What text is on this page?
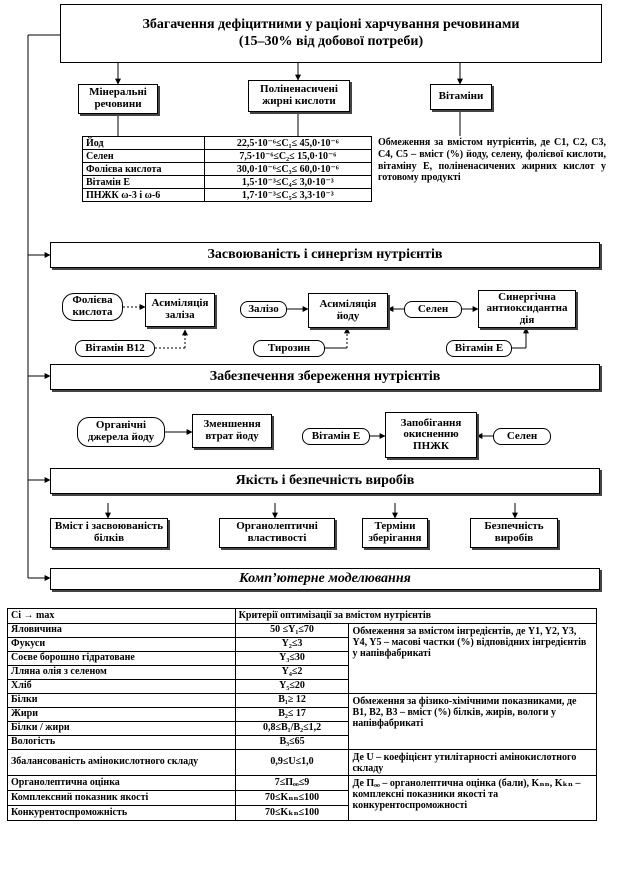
Збагачення дефіцитними у раціоні харчування речовинами
(15–30% від добової потреби)
Мінеральні речовини
Поліненасичені жирні кислоти	Вітаміни
Йод	22,5·10⁻⁶≤C₁≤ 45,0·10⁻⁶
Селен	7,5·10⁻⁶≤C₂≤ 15,0·10⁻⁶
Фолієва кислота	30,0·10⁻⁶≤C₃≤ 60,0·10⁻⁶
Вітамін Е	1,5·10⁻³≤C₄≤ 3,0·10⁻³
ПНЖК ω-3 і ω-6	1,7·10⁻³≤C₅≤ 3,3·10⁻³
Обмеження за вмістом нутрієнтів, де C1, C2, C3, C4, C5 – вміст (%) йоду, селену, фолієвої кислоти, вітаміну Е, поліненасичених жирних кислот у готовому продукті
Засвоюваність і синергізм нутрієнтів
Фолієва кислота
Асиміляція заліза
Вітамін B12
Залізо	Асиміляція йоду
Селен
Синергічна антиоксидантна дія
Тирозин	Вітамін Е
Забезпечення збереження нутрієнтів
Органічні джерела йоду
Зменшення втрат йоду	Вітамін Е
Запобігання окисненню ПНЖК
Селен
Якість і безпечність виробів
Вміст і засвоюваність білків
Органолептичні властивості
Терміни зберігання
Безпечність виробів
Комп’ютерне моделювання
Ci → max	Критерії оптимізації за вмістом нутрієнтів	
Яловичина	50 ≤Y₁≤70	Обмеження за вмістом інгредієнтів, де Y1, Y2, Y3, Y4, Y5 – масові частки (%) відповідних інгредієнтів у напівфабрикаті
Фукуси	Y₂≤3	
Соєве борошно гідратоване	Y₃≤30	
Лляна олія з селеном	Y₄≤2	
Хліб	Y₅≤20	
Білки	B₁≥ 12	Обмеження за фізико-хімічними показниками, де B1, B2, B3 – вміст (%) білків, жирів, вологи у напівфабрикаті
Жири	B₂≤ 17	
Білки / жири	0,8≤B₁/B₂≤1,2	
Вологість	B₃≤65	
Збалансованість амінокислотного складу	0,9≤U≤1,0	Де U – коефіцієнт утилітарності амінокислотного складу
Органолептична оцінка	7≤Пₒₒ≤9	Де Пₒₒ – органолептична оцінка (бали), Kₙₙ, Kₖₙ – комплексні показники якості та конкурентоспроможності
Комплексний показник якості	70≤Kₙₙ≤100	
Конкурентоспроможність	70≤Kₖₙ≤100	
